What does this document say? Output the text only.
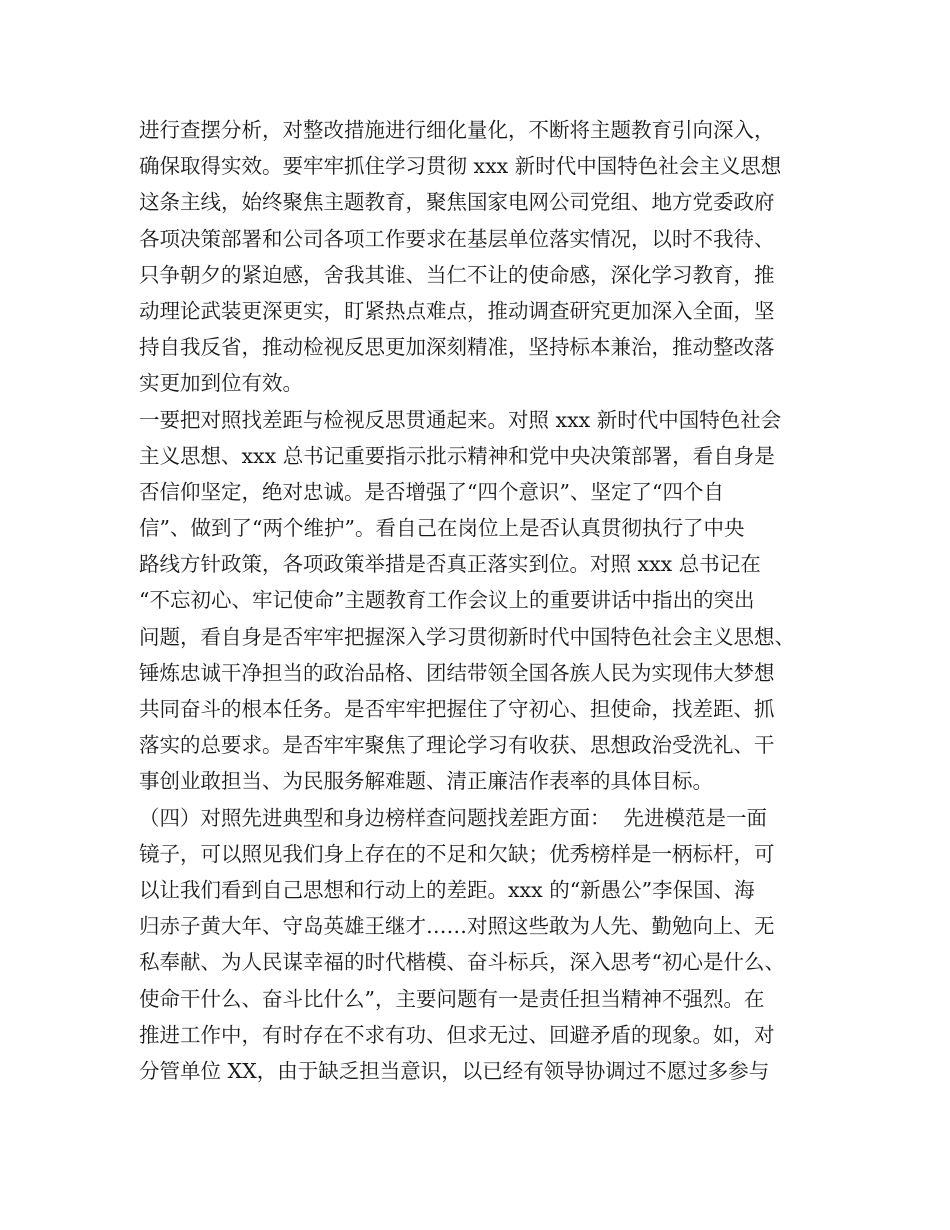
进行查摆分析，对整改措施进行细化量化，不断将主题教育引向深入，
确保取得实效。要牢牢抓住学习贯彻 xxx 新时代中国特色社会主义思想
这条主线，始终聚焦主题教育，聚焦国家电网公司党组、地方党委政府
各项决策部署和公司各项工作要求在基层单位落实情况，以时不我待、
只争朝夕的紧迫感，舍我其谁、当仁不让的使命感，深化学习教育，推
动理论武装更深更实，盯紧热点难点，推动调查研究更加深入全面，坚
持自我反省，推动检视反思更加深刻精准，坚持标本兼治，推动整改落
实更加到位有效。
一要把对照找差距与检视反思贯通起来。对照 xxx 新时代中国特色社会
主义思想、xxx 总书记重要指示批示精神和党中央决策部署，看自身是
否信仰坚定，绝对忠诚。是否增强了“四个意识”、坚定了“四个自
信”、做到了“两个维护”。看自己在岗位上是否认真贯彻执行了中央
路线方针政策，各项政策举措是否真正落实到位。对照 xxx 总书记在
“不忘初心、牢记使命”主题教育工作会议上的重要讲话中指出的突出
问题，看自身是否牢牢把握深入学习贯彻新时代中国特色社会主义思想、
锤炼忠诚干净担当的政治品格、团结带领全国各族人民为实现伟大梦想
共同奋斗的根本任务。是否牢牢把握住了守初心、担使命，找差距、抓
落实的总要求。是否牢牢聚焦了理论学习有收获、思想政治受洗礼、干
事创业敢担当、为民服务解难题、清正廉洁作表率的具体目标。
（四）对照先进典型和身边榜样查问题找差距方面：  先进模范是一面
镜子，可以照见我们身上存在的不足和欠缺；优秀榜样是一柄标杆，可
以让我们看到自己思想和行动上的差距。xxx 的“新愚公”李保国、海
归赤子黄大年、守岛英雄王继才……对照这些敢为人先、勤勉向上、无
私奉献、为人民谋幸福的时代楷模、奋斗标兵，深入思考“初心是什么、
使命干什么、奋斗比什么”，主要问题有一是责任担当精神不强烈。在
推进工作中，有时存在不求有功、但求无过、回避矛盾的现象。如，对
分管单位 XX，由于缺乏担当意识，以已经有领导协调过不愿过多参与
